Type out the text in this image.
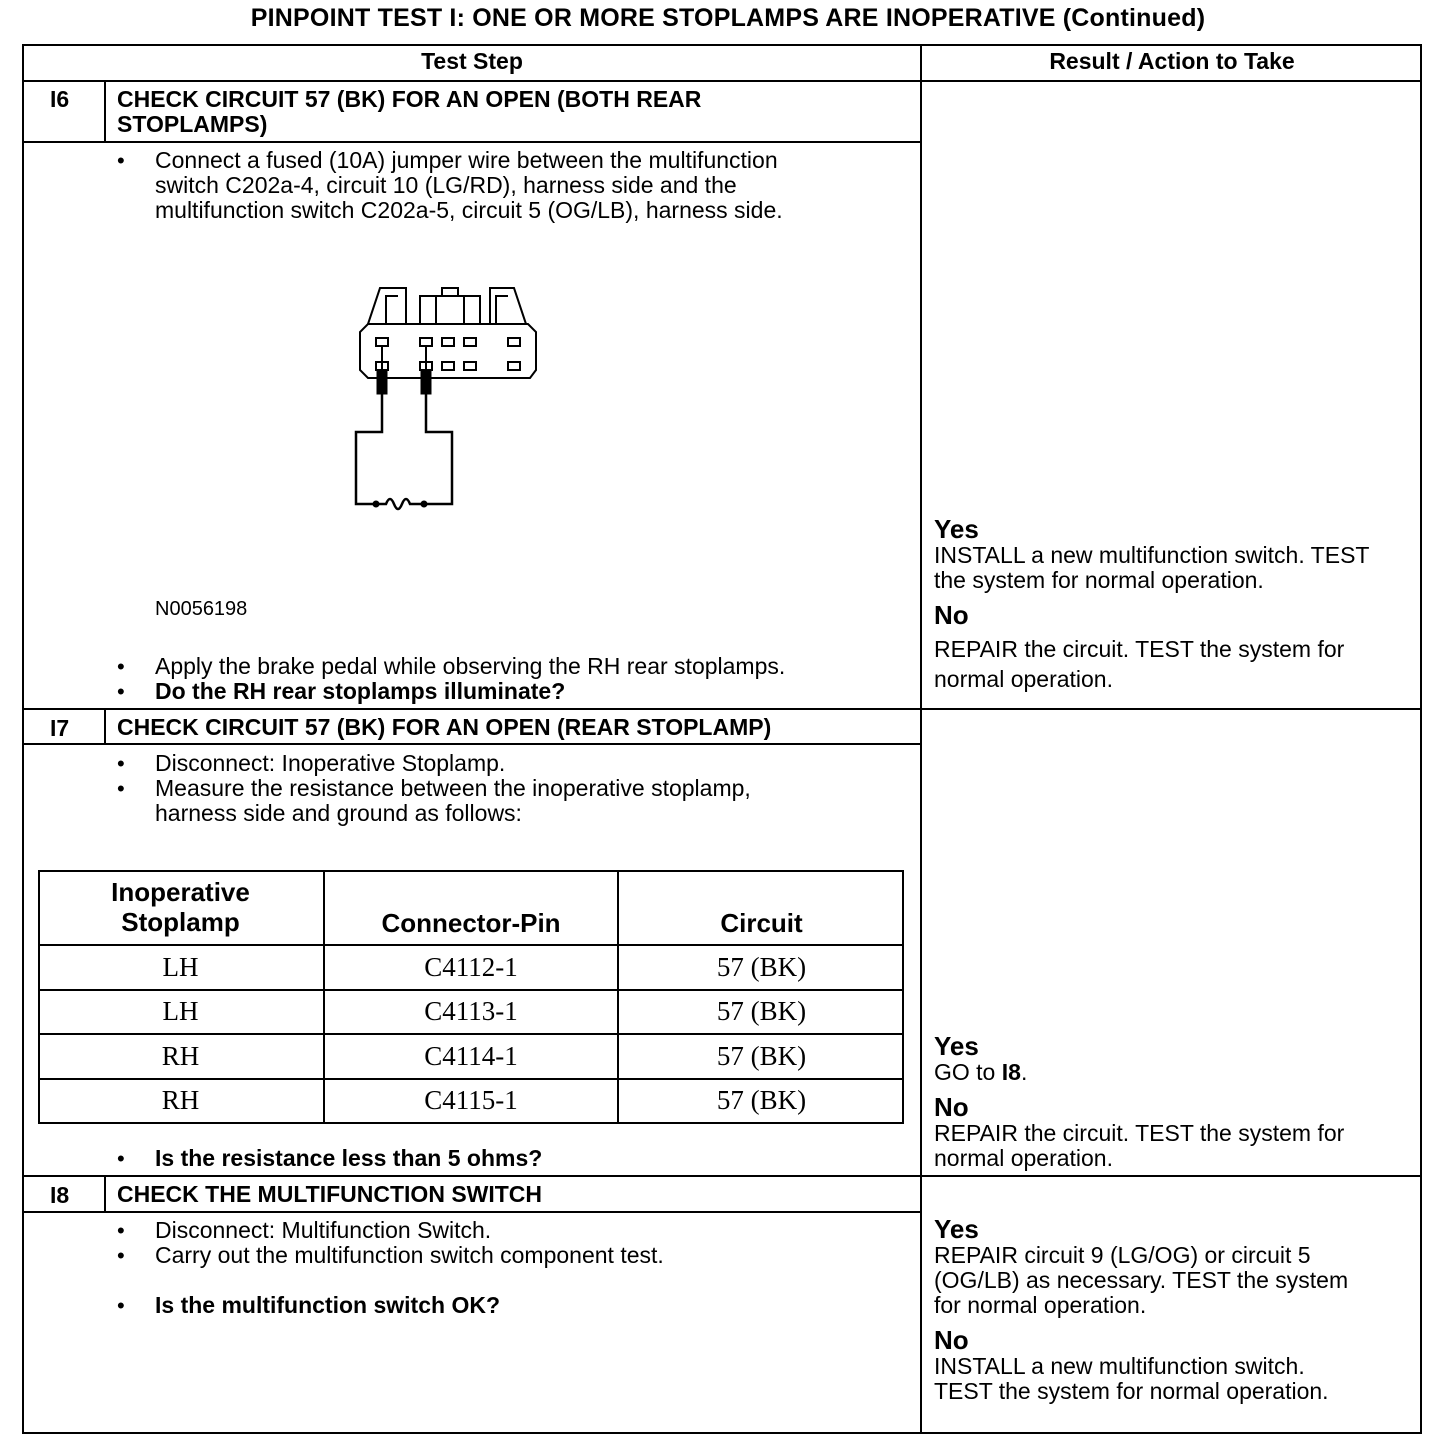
PINPOINT TEST I: ONE OR MORE STOPLAMPS ARE INOPERATIVE (Continued)
Test Step	Result / Action to Take
I6 CHECK CIRCUIT 57 (BK) FOR AN OPEN (BOTH REAR
STOPLAMPS)
• Connect a fused (10A) jumper wire between the multifunction
switch C202a-4, circuit 10 (LG/RD), harness side and the
multifunction switch C202a-5, circuit 5 (OG/LB), harness side.
N0056198
• Apply the brake pedal while observing the RH rear stoplamps.
• Do the RH rear stoplamps illuminate?
Yes
INSTALL a new multifunction switch. TEST
the system for normal operation.
No
REPAIR the circuit. TEST the system for
normal operation.
I7 CHECK CIRCUIT 57 (BK) FOR AN OPEN (REAR STOPLAMP)
• Disconnect: Inoperative Stoplamp.
• Measure the resistance between the inoperative stoplamp,
harness side and ground as follows:
Inoperative
Stoplamp	Connector-Pin	Circuit
LH	C4112-1	57 (BK)
LH	C4113-1	57 (BK)
RH	C4114-1	57 (BK)
RH	C4115-1	57 (BK)
• Is the resistance less than 5 ohms?
Yes
GO to I8.
No
REPAIR the circuit. TEST the system for
normal operation.
I8 CHECK THE MULTIFUNCTION SWITCH
• Disconnect: Multifunction Switch.
• Carry out the multifunction switch component test.
• Is the multifunction switch OK?
Yes
REPAIR circuit 9 (LG/OG) or circuit 5
(OG/LB) as necessary. TEST the system
for normal operation.
No
INSTALL a new multifunction switch.
TEST the system for normal operation.
